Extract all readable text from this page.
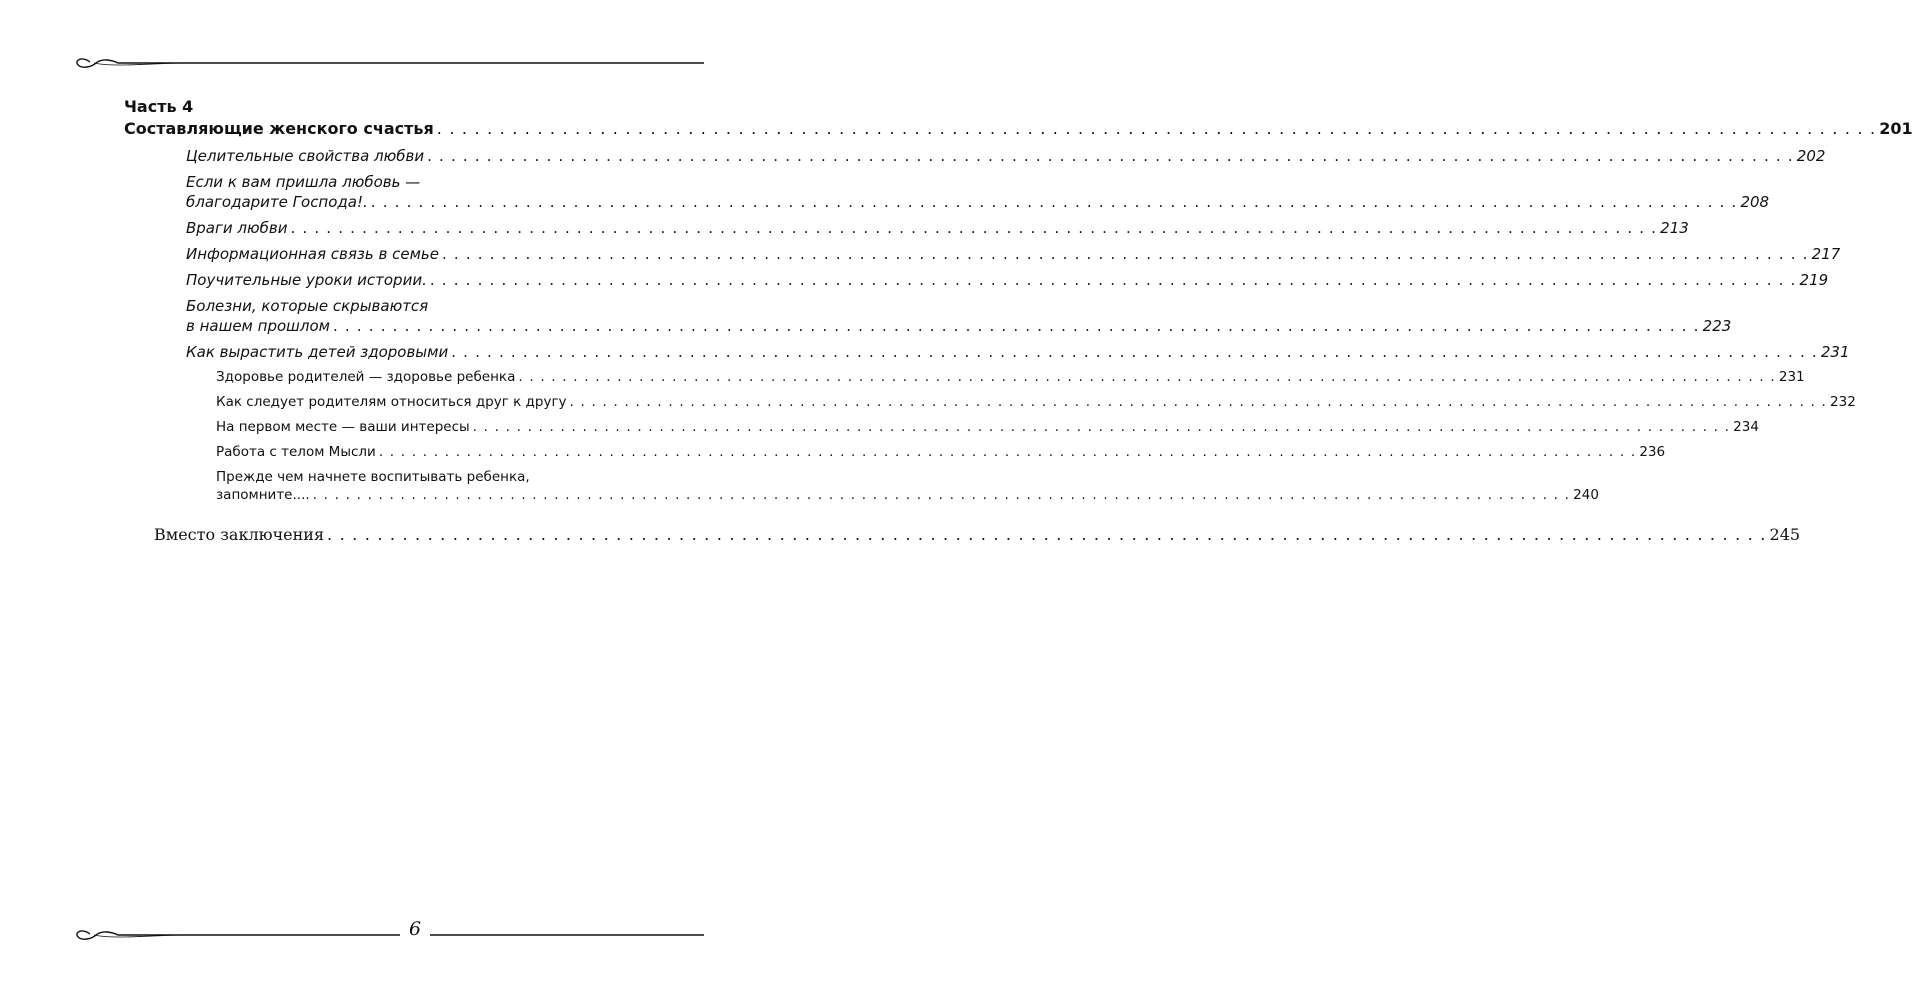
Часть 4
Составляющие женского счастья . . .	201
Целительные свойства любви . . .	202
Если к вам пришла любовь —
благодарите Господа!. . . .	208
Враги любви . . .	213
Информационная связь в семье . . .	217
Поучительные уроки истории. . . .	219
Болезни, которые скрываются
в нашем прошлом . . .	223
Как вырастить детей здоровыми . . .	231
Здоровье родителей — здоровье ребенка . . .	231
Как следует родителям относиться друг к другу . . .	232
На первом месте — ваши интересы . . .	234
Работа с телом Мысли . . .	236
Прежде чем начнете воспитывать ребенка,
запомните.... . . .	240
Вместо заключения . . .	245
6
